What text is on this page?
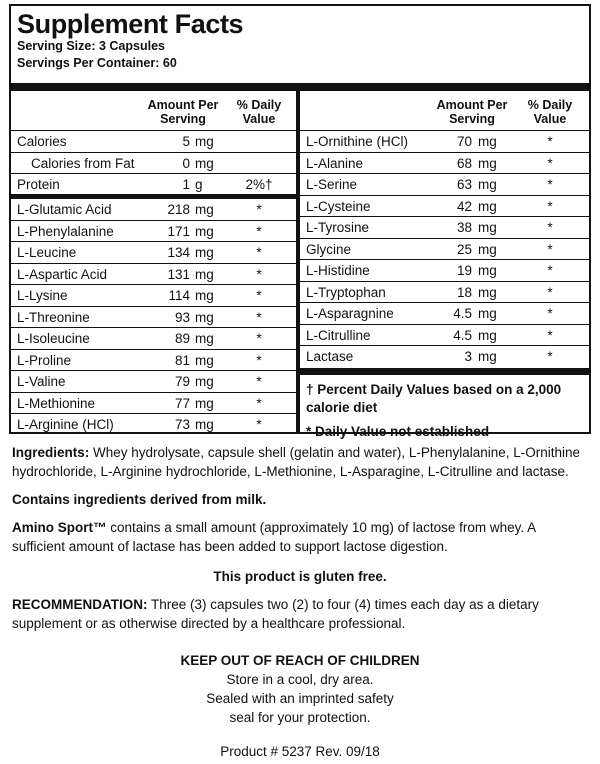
Supplement Facts
Serving Size: 3 Capsules
Servings Per Container: 60
Amount Per Serving
% Daily Value
Calories	5 mg
Calories from Fat	0 mg
Protein	1 g	2%†
L-Glutamic Acid	218 mg	*
L-Phenylalanine	171 mg	*
L-Leucine	134 mg	*
L-Aspartic Acid	131 mg	*
L-Lysine	114 mg	*
L-Threonine	93 mg	*
L-Isoleucine	89 mg	*
L-Proline	81 mg	*
L-Valine	79 mg	*
L-Methionine	77 mg	*
L-Arginine (HCl)	73 mg	*
Amount Per Serving
% Daily Value
L-Ornithine (HCl)	70 mg	*
L-Alanine	68 mg	*
L-Serine	63 mg	*
L-Cysteine	42 mg	*
L-Tyrosine	38 mg	*
Glycine	25 mg	*
L-Histidine	19 mg	*
L-Tryptophan	18 mg	*
L-Asparagnine	4.5 mg	*
L-Citrulline	4.5 mg	*
Lactase	3 mg	*
† Percent Daily Values based on a 2,000 calorie diet
* Daily Value not established
Ingredients: Whey hydrolysate, capsule shell (gelatin and water), L-Phenylalanine, L-Ornithine hydrochloride, L-Arginine hydrochloride, L-Methionine, L-Asparagine, L-Citrulline and lactase.
Contains ingredients derived from milk.
Amino Sport™ contains a small amount (approximately 10 mg) of lactose from whey. A sufficient amount of lactase has been added to support lactose digestion.
This product is gluten free.
RECOMMENDATION: Three (3) capsules two (2) to four (4) times each day as a dietary supplement or as otherwise directed by a healthcare professional.
KEEP OUT OF REACH OF CHILDREN
Store in a cool, dry area.
Sealed with an imprinted safety
seal for your protection.
Product # 5237 Rev. 09/18
